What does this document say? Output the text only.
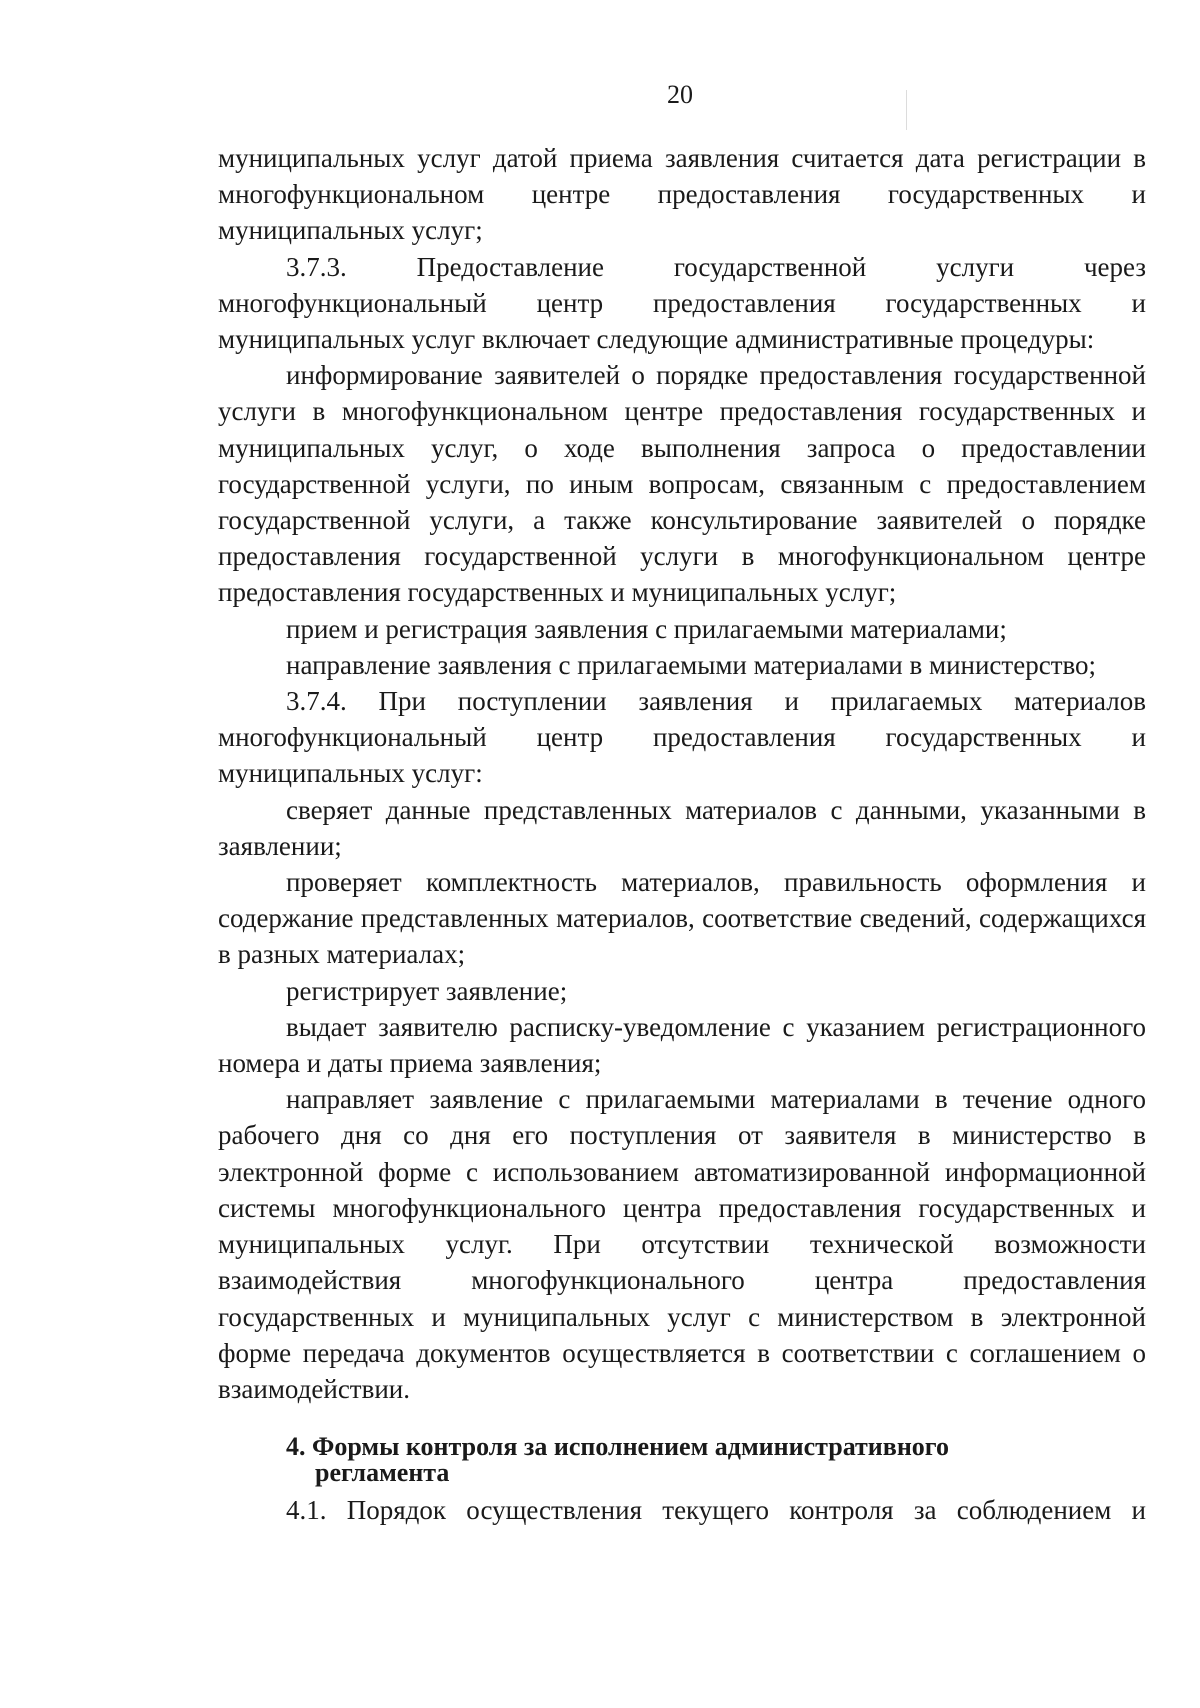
20

муниципальных услуг датой приема заявления считается дата регистрации в многофункциональном центре предоставления государственных и муниципальных услуг;

3.7.3. Предоставление государственной услуги через многофункциональный центр предоставления государственных и муниципальных услуг включает следующие административные процедуры:

информирование заявителей о порядке предоставления государственной услуги в многофункциональном центре предоставления государственных и муниципальных услуг, о ходе выполнения запроса о предоставлении государственной услуги, по иным вопросам, связанным с предоставлением государственной услуги, а также консультирование заявителей о порядке предоставления государственной услуги в многофункциональном центре предоставления государственных и муниципальных услуг;

прием и регистрация заявления с прилагаемыми материалами;

направление заявления с прилагаемыми материалами в министерство;

3.7.4. При поступлении заявления и прилагаемых материалов многофункциональный центр предоставления государственных и муниципальных услуг:

сверяет данные представленных материалов с данными, указанными в заявлении;

проверяет комплектность материалов, правильность оформления и содержание представленных материалов, соответствие сведений, содержащихся в разных материалах;

регистрирует заявление;

выдает заявителю расписку-уведомление с указанием регистрационного номера и даты приема заявления;

направляет заявление с прилагаемыми материалами в течение одного рабочего дня со дня его поступления от заявителя в министерство в электронной форме с использованием автоматизированной информационной системы многофункционального центра предоставления государственных и муниципальных услуг. При отсутствии технической возможности взаимодействия многофункционального центра предоставления государственных и муниципальных услуг с министерством в электронной форме передача документов осуществляется в соответствии с соглашением о взаимодействии.

4. Формы контроля за исполнением административного
регламента

4.1. Порядок осуществления текущего контроля за соблюдением и
